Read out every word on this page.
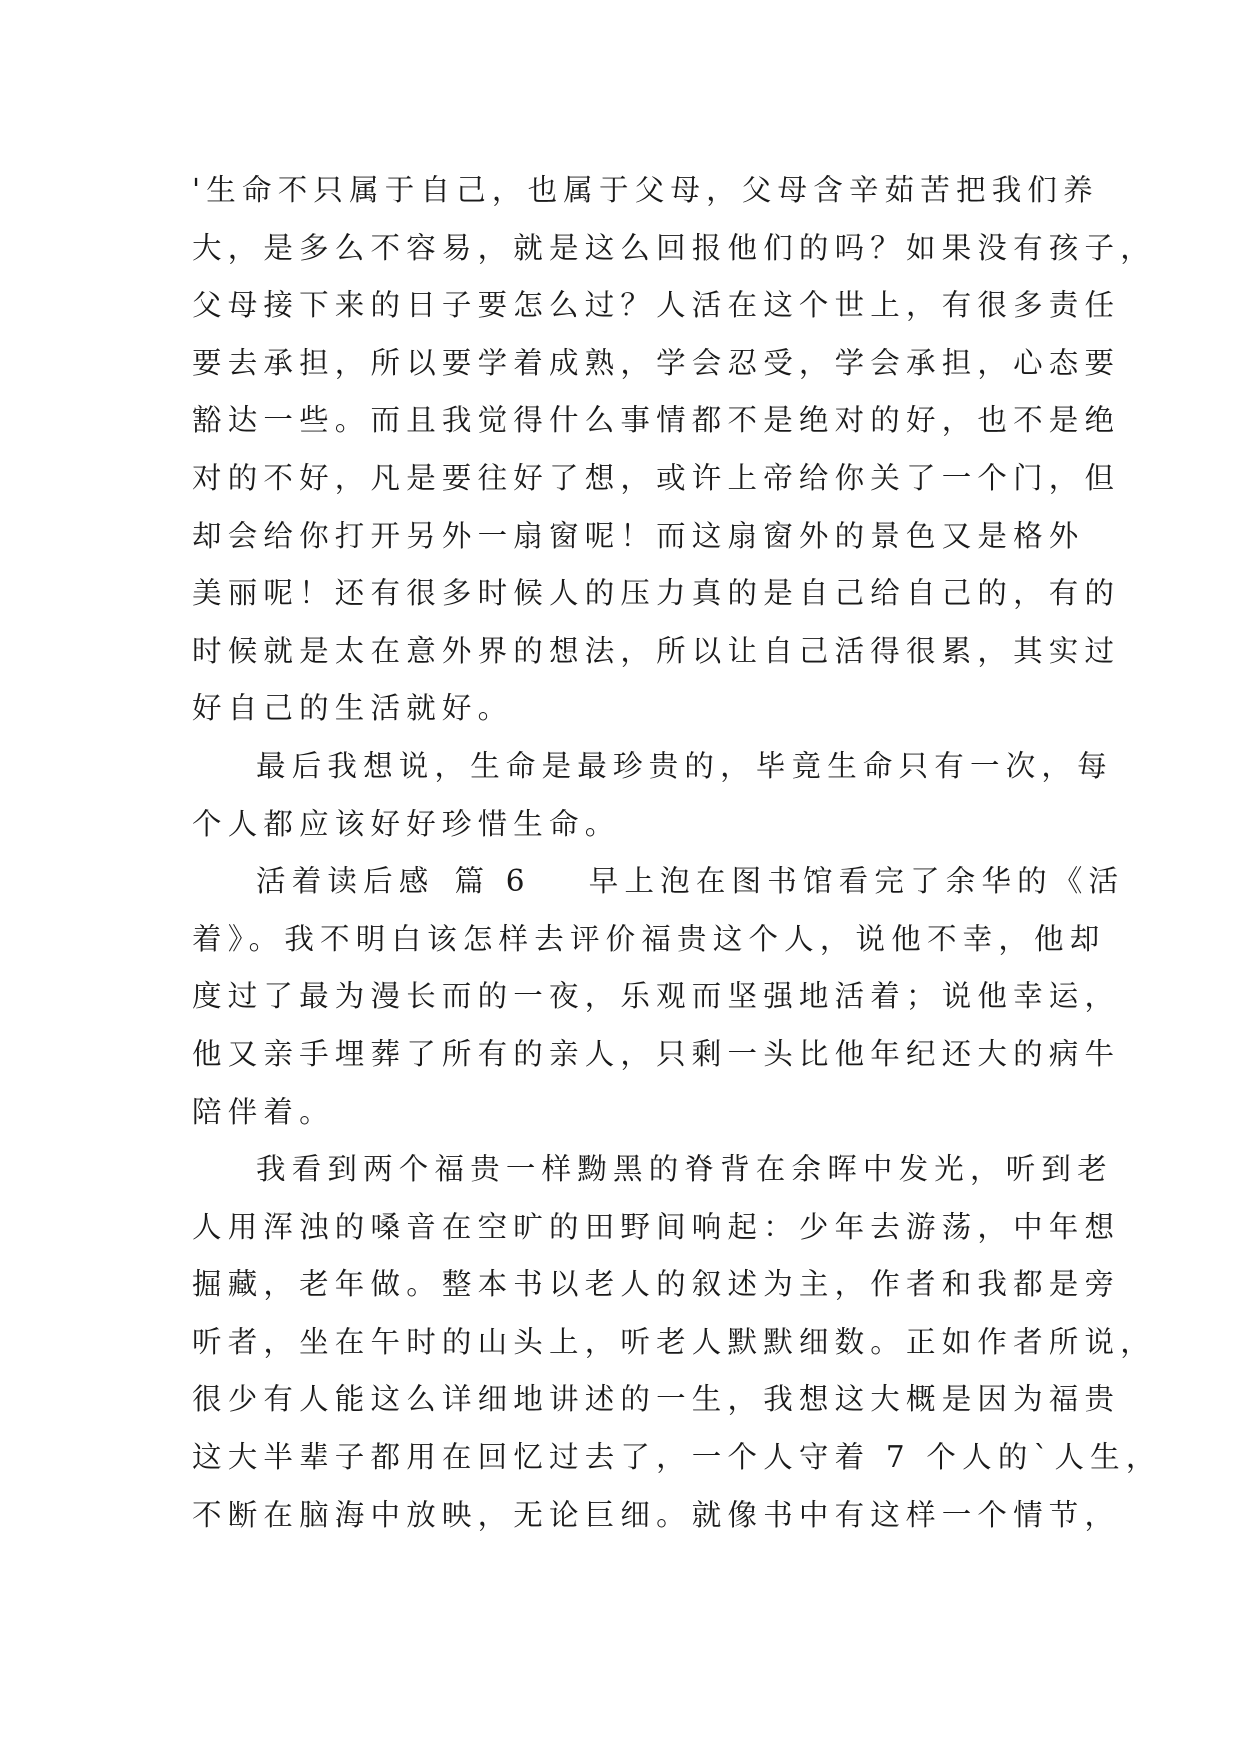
'生命不只属于自己，也属于父母，父母含辛茹苦把我们养
大，是多么不容易，就是这么回报他们的吗？如果没有孩子，
父母接下来的日子要怎么过？人活在这个世上，有很多责任
要去承担，所以要学着成熟，学会忍受，学会承担，心态要
豁达一些。而且我觉得什么事情都不是绝对的好，也不是绝
对的不好，凡是要往好了想，或许上帝给你关了一个门，但
却会给你打开另外一扇窗呢！而这扇窗外的景色又是格外
美丽呢！还有很多时候人的压力真的是自己给自己的，有的
时候就是太在意外界的想法，所以让自己活得很累，其实过
好自己的生活就好。
最后我想说，生命是最珍贵的，毕竟生命只有一次，每
个人都应该好好珍惜生命。
活着读后感 篇 6 早上泡在图书馆看完了余华的《活
着》。我不明白该怎样去评价福贵这个人，说他不幸，他却
度过了最为漫长而的一夜，乐观而坚强地活着；说他幸运，
他又亲手埋葬了所有的亲人，只剩一头比他年纪还大的病牛
陪伴着。
我看到两个福贵一样黝黑的脊背在余晖中发光，听到老
人用浑浊的嗓音在空旷的田野间响起：少年去游荡，中年想
掘藏，老年做。整本书以老人的叙述为主，作者和我都是旁
听者，坐在午时的山头上，听老人默默细数。正如作者所说，
很少有人能这么详细地讲述的一生，我想这大概是因为福贵
这大半辈子都用在回忆过去了，一个人守着 7 个人的`人生，
不断在脑海中放映，无论巨细。就像书中有这样一个情节，
